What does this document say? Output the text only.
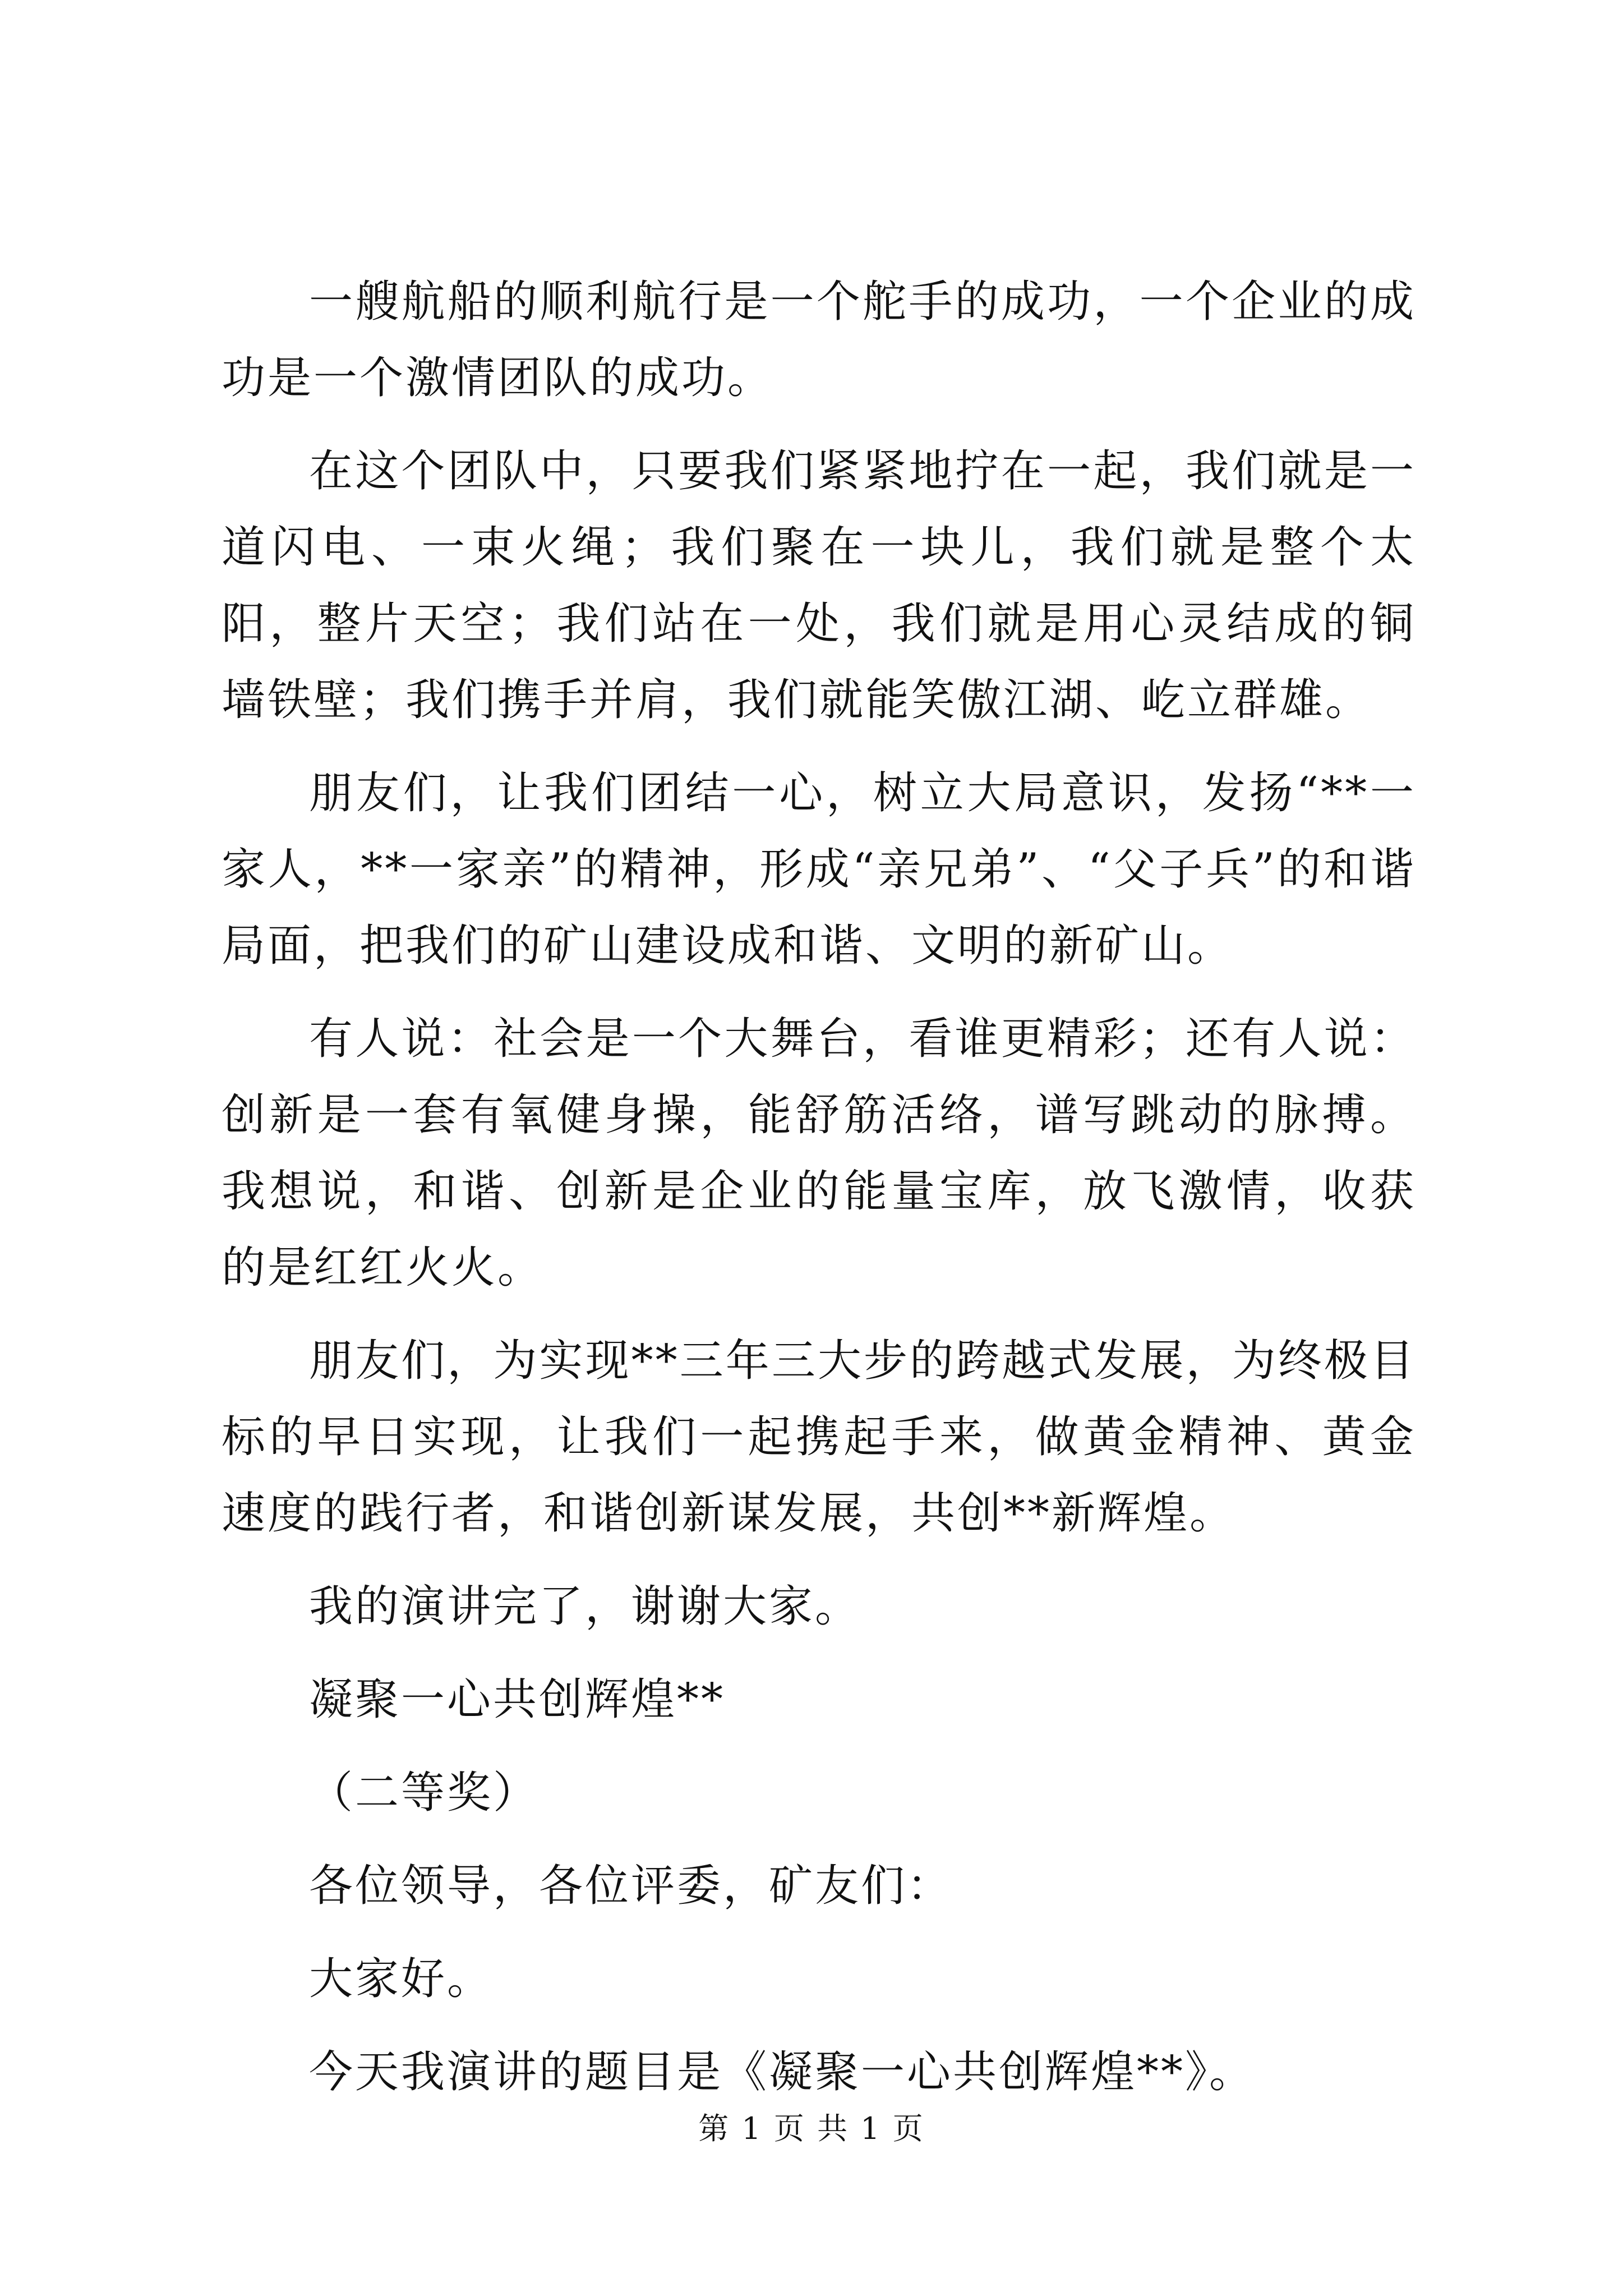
一艘航船的顺利航行是一个舵手的成功，一个企业的成功是一个激情团队的成功。

在这个团队中，只要我们紧紧地拧在一起，我们就是一道闪电、一束火绳；我们聚在一块儿，我们就是整个太阳，整片天空；我们站在一处，我们就是用心灵结成的铜墙铁壁；我们携手并肩，我们就能笑傲江湖、屹立群雄。

朋友们，让我们团结一心，树立大局意识，发扬“**一家人，**一家亲”的精神，形成“亲兄弟”、“父子兵”的和谐局面，把我们的矿山建设成和谐、文明的新矿山。

有人说：社会是一个大舞台，看谁更精彩；还有人说：创新是一套有氧健身操，能舒筋活络，谱写跳动的脉搏。我想说，和谐、创新是企业的能量宝库，放飞激情，收获的是红红火火。

朋友们，为实现**三年三大步的跨越式发展，为终极目标的早日实现，让我们一起携起手来，做黄金精神、黄金速度的践行者，和谐创新谋发展，共创**新辉煌。

我的演讲完了，谢谢大家。

凝聚一心共创辉煌**

（二等奖）

各位领导，各位评委，矿友们：

大家好。

今天我演讲的题目是《凝聚一心共创辉煌**》。

第 1 页 共 1 页
